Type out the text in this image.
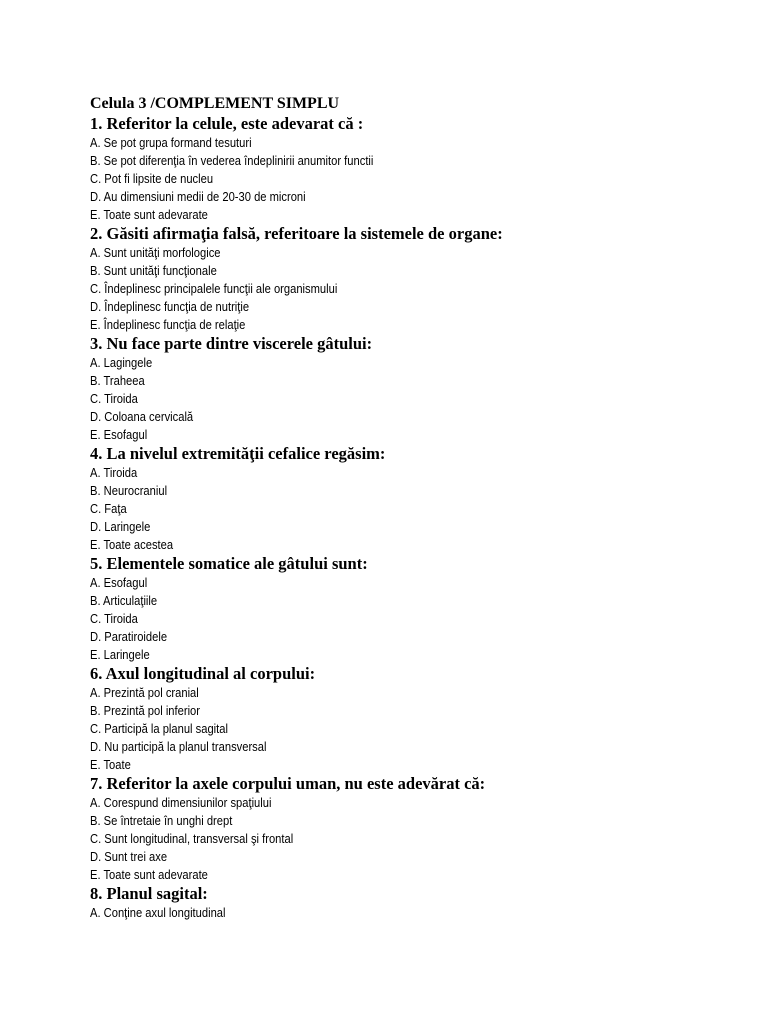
Celula 3 /COMPLEMENT SIMPLU
1. Referitor la celule, este adevarat că :
A. Se pot grupa formand tesuturi
B. Se pot diferenţia în vederea îndeplinirii anumitor functii
C. Pot fi lipsite de nucleu
D. Au dimensiuni medii de 20-30 de microni
E. Toate sunt adevarate
2. Găsiti afirmaţia falsă, referitoare la sistemele de organe:
A. Sunt unităţi morfologice
B. Sunt unităţi funcţionale
C. Îndeplinesc principalele funcţii ale organismului
D. Îndeplinesc funcţia de nutriţie
E. Îndeplinesc funcţia de relaţie
3. Nu face parte dintre viscerele gâtului:
A. Lagingele
B. Traheea
C. Tiroida
D. Coloana cervicală
E. Esofagul
4. La nivelul extremităţii cefalice regăsim:
A. Tiroida
B. Neurocraniul
C. Faţa
D. Laringele
E. Toate acestea
5. Elementele somatice ale gâtului sunt:
A. Esofagul
B. Articulaţiile
C. Tiroida
D. Paratiroidele
E. Laringele
6. Axul longitudinal al corpului:
A. Prezintă pol cranial
B. Prezintă pol inferior
C. Participă la planul sagital
D. Nu participă la planul transversal
E. Toate
7. Referitor la axele corpului uman, nu este adevărat că:
A. Corespund dimensiunilor spaţiului
B. Se întretaie în unghi drept
C. Sunt longitudinal, transversal şi frontal
D. Sunt trei axe
E. Toate sunt adevarate
8. Planul sagital:
A. Conţine axul longitudinal
